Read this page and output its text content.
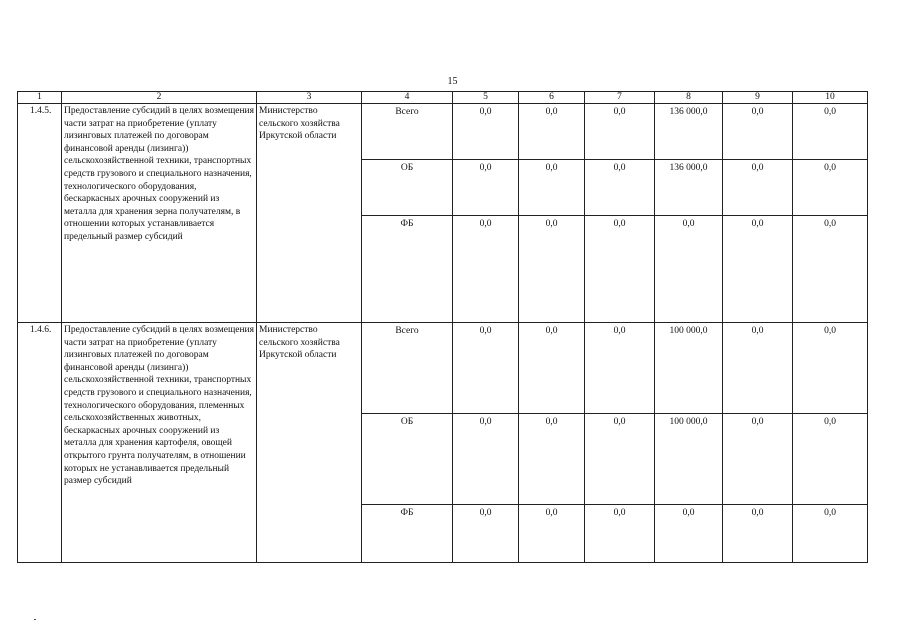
15
1	2	3	4	5	6	7	8	9	10
1.4.5.	Предоставление субсидий в целях возмещения части затрат на приобретение (уплату лизинговых платежей по договорам финансовой аренды (лизинга)) сельскохозяйственной техники, транспортных средств грузового и специального назначения, технологического оборудования, бескаркасных арочных сооружений из металла для хранения зерна получателям, в отношении которых устанавливается предельный размер субсидий	Министерство сельского хозяйства Иркутской области	Всего	0,0	0,0	0,0	136 000,0	0,0	0,0
			ОБ	0,0	0,0	0,0	136 000,0	0,0	0,0
			ФБ	0,0	0,0	0,0	0,0	0,0	0,0
1.4.6.	Предоставление субсидий в целях возмещения части затрат на приобретение (уплату лизинговых платежей по договорам финансовой аренды (лизинга)) сельскохозяйственной техники, транспортных средств грузового и специального назначения, технологического оборудования, племенных сельскохозяйственных животных, бескаркасных арочных сооружений из металла для хранения картофеля, овощей открытого грунта получателям, в отношении которых не устанавливается предельный размер субсидий	Министерство сельского хозяйства Иркутской области	Всего	0,0	0,0	0,0	100 000,0	0,0	0,0
			ОБ	0,0	0,0	0,0	100 000,0	0,0	0,0
			ФБ	0,0	0,0	0,0	0,0	0,0	0,0
